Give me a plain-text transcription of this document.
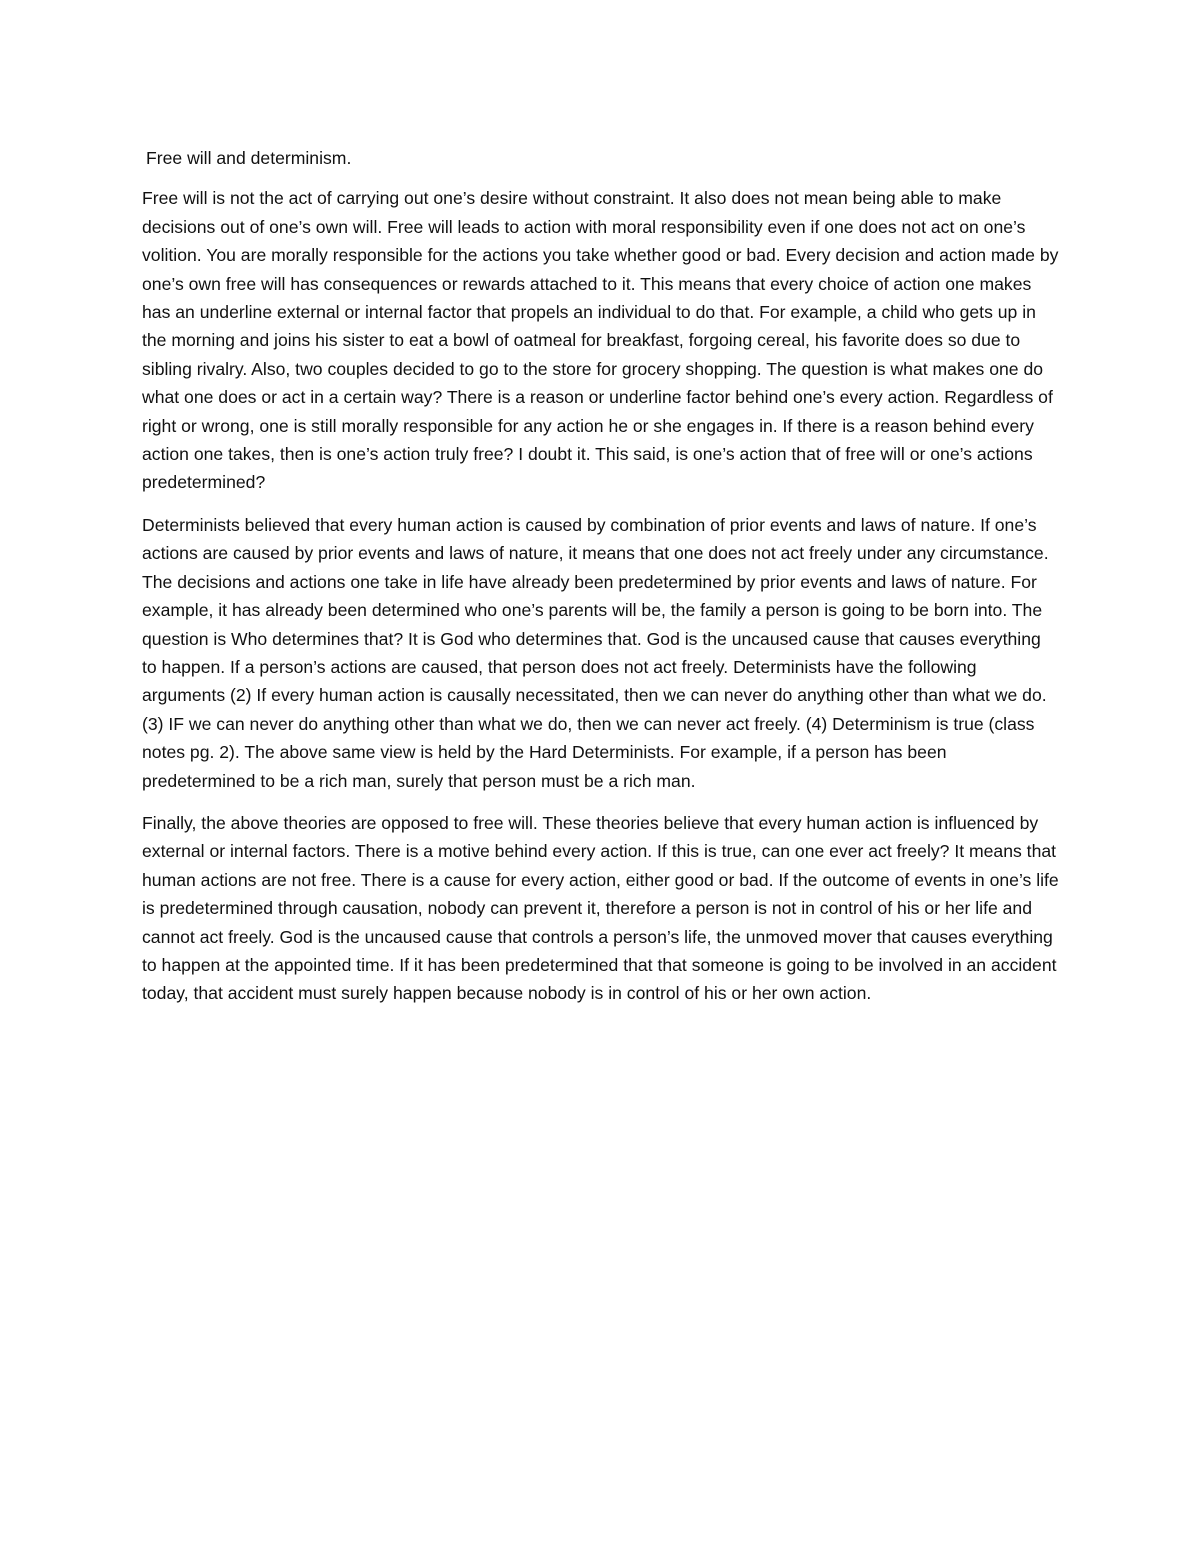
Free will and determinism.

Free will is not the act of carrying out one’s desire without constraint. It also does not mean being able to make decisions out of one’s own will. Free will leads to action with moral responsibility even if one does not act on one’s volition. You are morally responsible for the actions you take whether good or bad. Every decision and action made by one’s own free will has consequences or rewards attached to it. This means that every choice of action one makes has an underline external or internal factor that propels an individual to do that. For example, a child who gets up in the morning and joins his sister to eat a bowl of oatmeal for breakfast, forgoing cereal, his favorite does so due to sibling rivalry. Also, two couples decided to go to the store for grocery shopping. The question is what makes one do what one does or act in a certain way? There is a reason or underline factor behind one’s every action. Regardless of right or wrong, one is still morally responsible for any action he or she engages in. If there is a reason behind every action one takes, then is one’s action truly free? I doubt it. This said, is one’s action that of free will or one’s actions predetermined?

Determinists believed that every human action is caused by combination of prior events and laws of nature. If one’s actions are caused by prior events and laws of nature, it means that one does not act freely under any circumstance. The decisions and actions one take in life have already been predetermined by prior events and laws of nature. For example, it has already been determined who one’s parents will be, the family a person is going to be born into. The question is Who determines that? It is God who determines that. God is the uncaused cause that causes everything to happen. If a person’s actions are caused, that person does not act freely. Determinists have the following arguments (2) If every human action is causally necessitated, then we can never do anything other than what we do. (3) IF we can never do anything other than what we do, then we can never act freely. (4) Determinism is true (class notes pg. 2). The above same view is held by the Hard Determinists. For example, if a person has been predetermined to be a rich man, surely that person must be a rich man.

Finally, the above theories are opposed to free will. These theories believe that every human action is influenced by external or internal factors. There is a motive behind every action. If this is true, can one ever act freely? It means that human actions are not free. There is a cause for every action, either good or bad. If the outcome of events in one’s life is predetermined through causation, nobody can prevent it, therefore a person is not in control of his or her life and cannot act freely. God is the uncaused cause that controls a person’s life, the unmoved mover that causes everything to happen at the appointed time. If it has been predetermined that that someone is going to be involved in an accident today, that accident must surely happen because nobody is in control of his or her own action.
